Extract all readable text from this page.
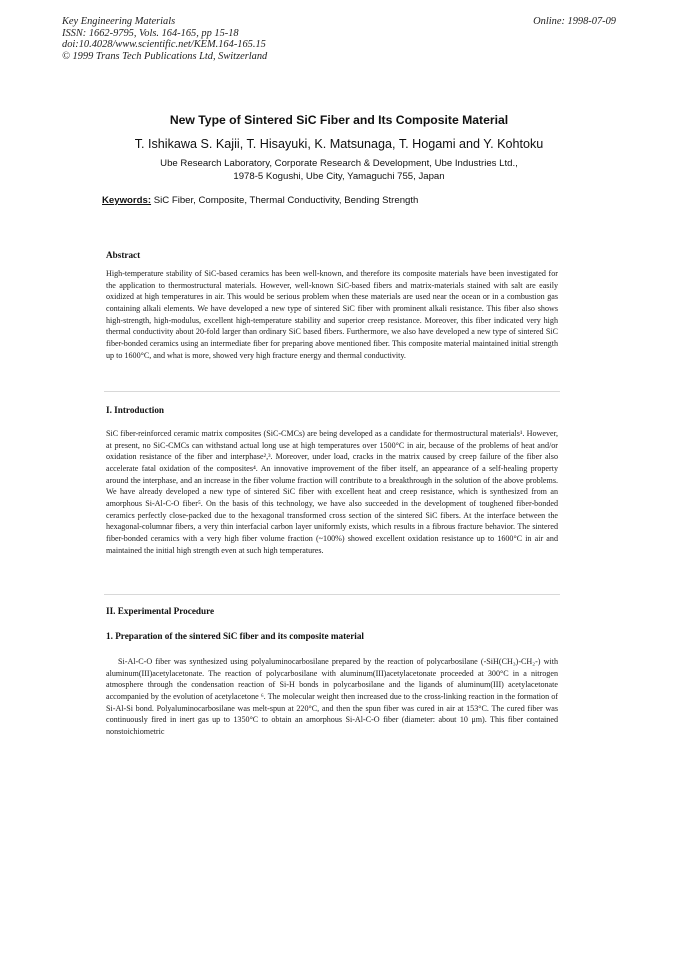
Key Engineering Materials
ISSN: 1662-9795, Vols. 164-165, pp 15-18
doi:10.4028/www.scientific.net/KEM.164-165.15
© 1999 Trans Tech Publications Ltd, Switzerland
Online: 1998-07-09
New Type of Sintered SiC Fiber and Its Composite Material
T. Ishikawa S. Kajii, T. Hisayuki, K. Matsunaga, T. Hogami and Y. Kohtoku
Ube Research Laboratory, Corporate Research & Development, Ube Industries Ltd.,
1978-5 Kogushi, Ube City, Yamaguchi 755, Japan
Keywords: SiC Fiber, Composite, Thermal Conductivity, Bending Strength
Abstract

High-temperature stability of SiC-based ceramics has been well-known, and therefore its composite materials have been investigated for the application to thermostructural materials. However, well-known SiC-based fibers and matrix-materials stained with salt are easily oxidized at high temperatures in air. This would be serious problem when these materials are used near the ocean or in a combustion gas containing alkali elements. We have developed a new type of sintered SiC fiber with prominent alkali resistance. This fiber also shows high-strength, high-modulus, excellent high-temperature stability and superior creep resistance. Moreover, this fiber indicated very high thermal conductivity about 20-fold larger than ordinary SiC based fibers. Furthermore, we also have developed a new type of sintered SiC fiber-bonded ceramics using an intermediate fiber for preparing above mentioned fiber. This composite material maintained initial strength up to 1600°C, and what is more, showed very high fracture energy and thermal conductivity.

I. Introduction

SiC fiber-reinforced ceramic matrix composites (SiC-CMCs) are being developed as a candidate for thermostructural materials¹. However, at present, no SiC-CMCs can withstand actual long use at high temperatures over 1500°C in air, because of the problems of heat and/or oxidation resistance of the fiber and interphase²,³. Moreover, under load, cracks in the matrix caused by creep failure of the fiber also accelerate fatal oxidation of the composites⁴. An innovative improvement of the fiber itself, an appearance of a self-healing property around the interphase, and an increase in the fiber volume fraction will contribute to a breakthrough in the solution of the above problems. We have already developed a new type of sintered SiC fiber with excellent heat and creep resistance, which is synthesized from an amorphous Si-Al-C-O fiber⁵. On the basis of this technology, we have also succeeded in the development of toughened fiber-bonded ceramics perfectly close-packed due to the hexagonal transformed cross section of the sintered SiC fibers. At the interface between the hexagonal-columnar fibers, a very thin interfacial carbon layer uniformly exists, which results in a fibrous fracture behavior. The sintered fiber-bonded ceramics with a very high fiber volume fraction (~100%) showed excellent oxidation resistance up to 1600°C in air and maintained the initial high strength even at such high temperatures.

II. Experimental Procedure
1. Preparation of the sintered SiC fiber and its composite material

Si-Al-C-O fiber was synthesized using polyaluminocarbosilane prepared by the reaction of polycarbosilane (-SiH(CH₃)-CH₂-) with aluminum(III)acetylacetonate. The reaction of polycarbosilane with aluminum(III)acetylacetonate proceeded at 300°C in a nitrogen atmosphere through the condensation reaction of Si-H bonds in polycarbosilane and the ligands of aluminum(III) acetylacetonate accompanied by the evolution of acetylacetone ⁶. The molecular weight then increased due to the cross-linking reaction in the formation of Si-Al-Si bond. Polyaluminocarbosilane was melt-spun at 220°C, and then the spun fiber was cured in air at 153°C. The cured fiber was continuously fired in inert gas up to 1350°C to obtain an amorphous Si-Al-C-O fiber (diameter: about 10 μm). This fiber contained nonstoichiometric
